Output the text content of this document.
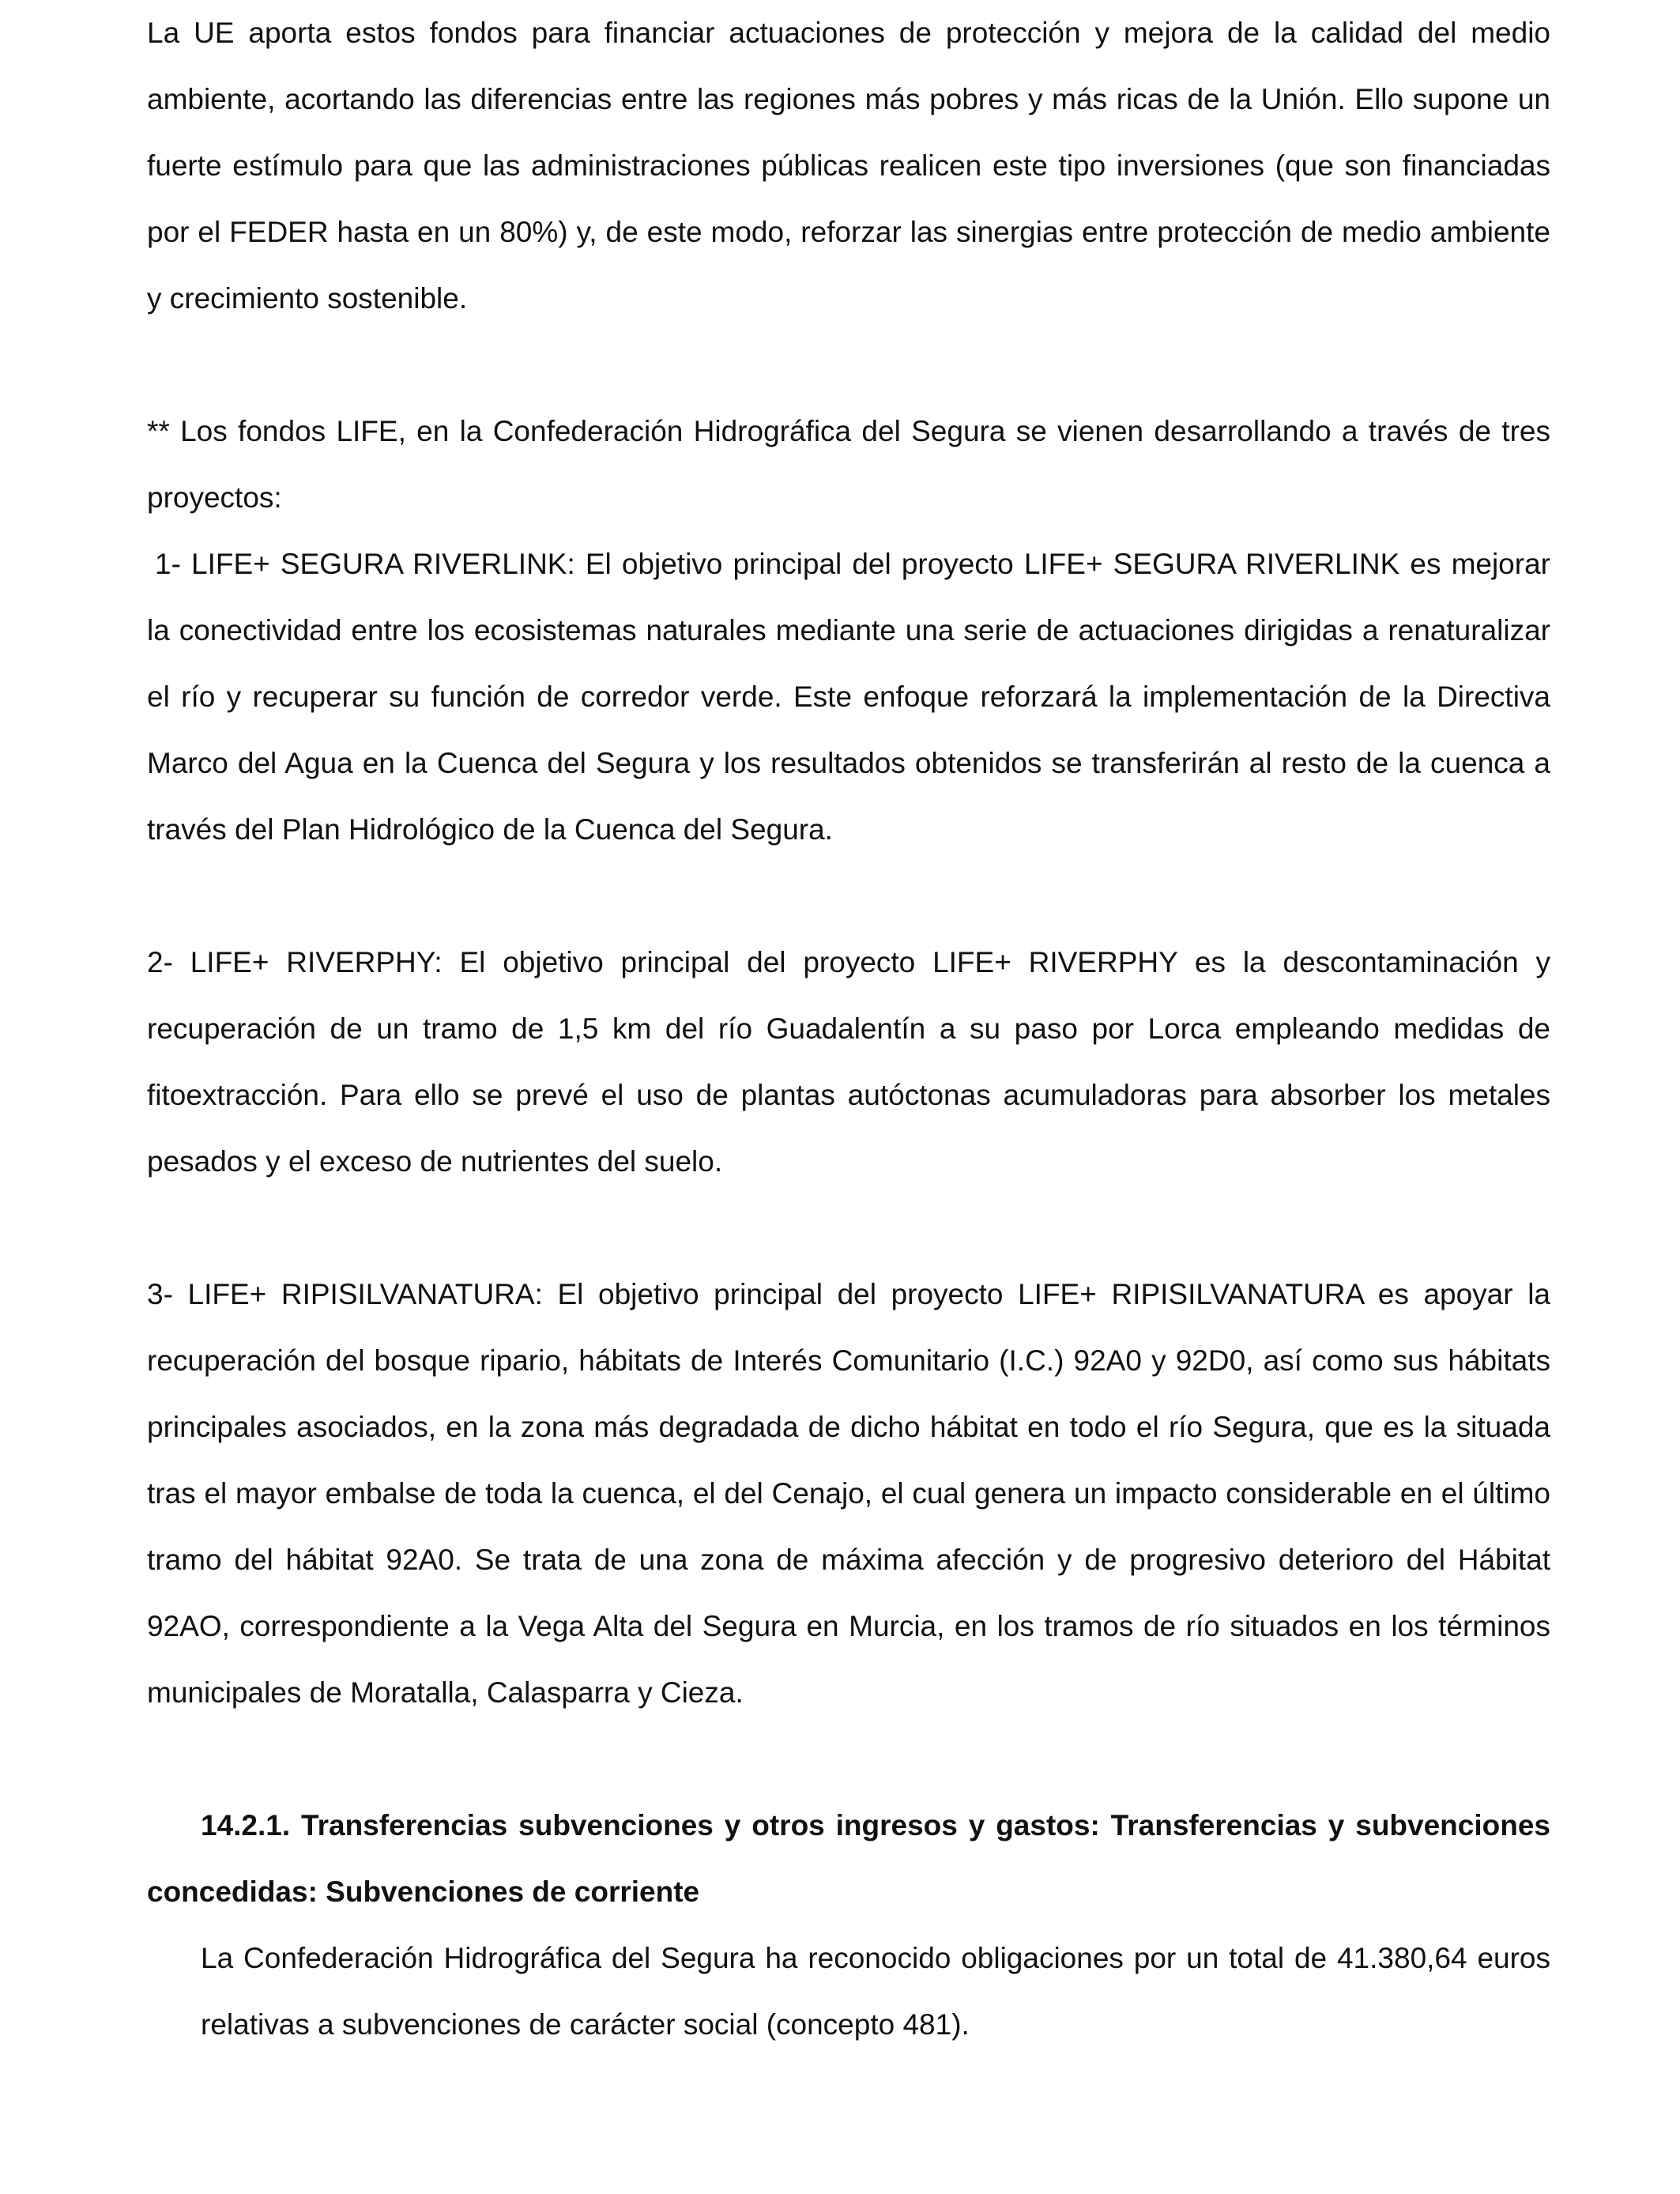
La UE aporta estos fondos para financiar actuaciones de protección y mejora de la calidad del medio ambiente, acortando las diferencias entre las regiones más pobres y más ricas de la Unión. Ello supone un fuerte estímulo para que las administraciones públicas realicen este tipo inversiones (que son financiadas por el FEDER hasta en un 80%) y, de este modo, reforzar las sinergias entre protección de medio ambiente y crecimiento sostenible.

** Los fondos LIFE, en la Confederación Hidrográfica del Segura se vienen desarrollando a través de tres proyectos:

1- LIFE+ SEGURA RIVERLINK: El objetivo principal del proyecto LIFE+ SEGURA RIVERLINK es mejorar la conectividad entre los ecosistemas naturales mediante una serie de actuaciones dirigidas a renaturalizar el río y recuperar su función de corredor verde. Este enfoque reforzará la implementación de la Directiva Marco del Agua en la Cuenca del Segura y los resultados obtenidos se transferirán al resto de la cuenca a través del Plan Hidrológico de la Cuenca del Segura.

2- LIFE+ RIVERPHY: El objetivo principal del proyecto LIFE+ RIVERPHY es la descontaminación y recuperación de un tramo de 1,5 km del río Guadalentín a su paso por Lorca empleando medidas de fitoextracción. Para ello se prevé el uso de plantas autóctonas acumuladoras para absorber los metales pesados y el exceso de nutrientes del suelo.

3- LIFE+ RIPISILVANATURA: El objetivo principal del proyecto LIFE+ RIPISILVANATURA es apoyar la recuperación del bosque ripario, hábitats de Interés Comunitario (I.C.) 92A0 y 92D0, así como sus hábitats principales asociados, en la zona más degradada de dicho hábitat en todo el río Segura, que es la situada tras el mayor embalse de toda la cuenca, el del Cenajo, el cual genera un impacto considerable en el último tramo del hábitat 92A0. Se trata de una zona de máxima afección y de progresivo deterioro del Hábitat 92AO, correspondiente a la Vega Alta del Segura en Murcia, en los tramos de río situados en los términos municipales de Moratalla, Calasparra y Cieza.

14.2.1. Transferencias subvenciones y otros ingresos y gastos: Transferencias y subvenciones concedidas: Subvenciones de corriente

La Confederación Hidrográfica del Segura ha reconocido obligaciones por un total de 41.380,64 euros relativas a subvenciones de carácter social (concepto 481).
